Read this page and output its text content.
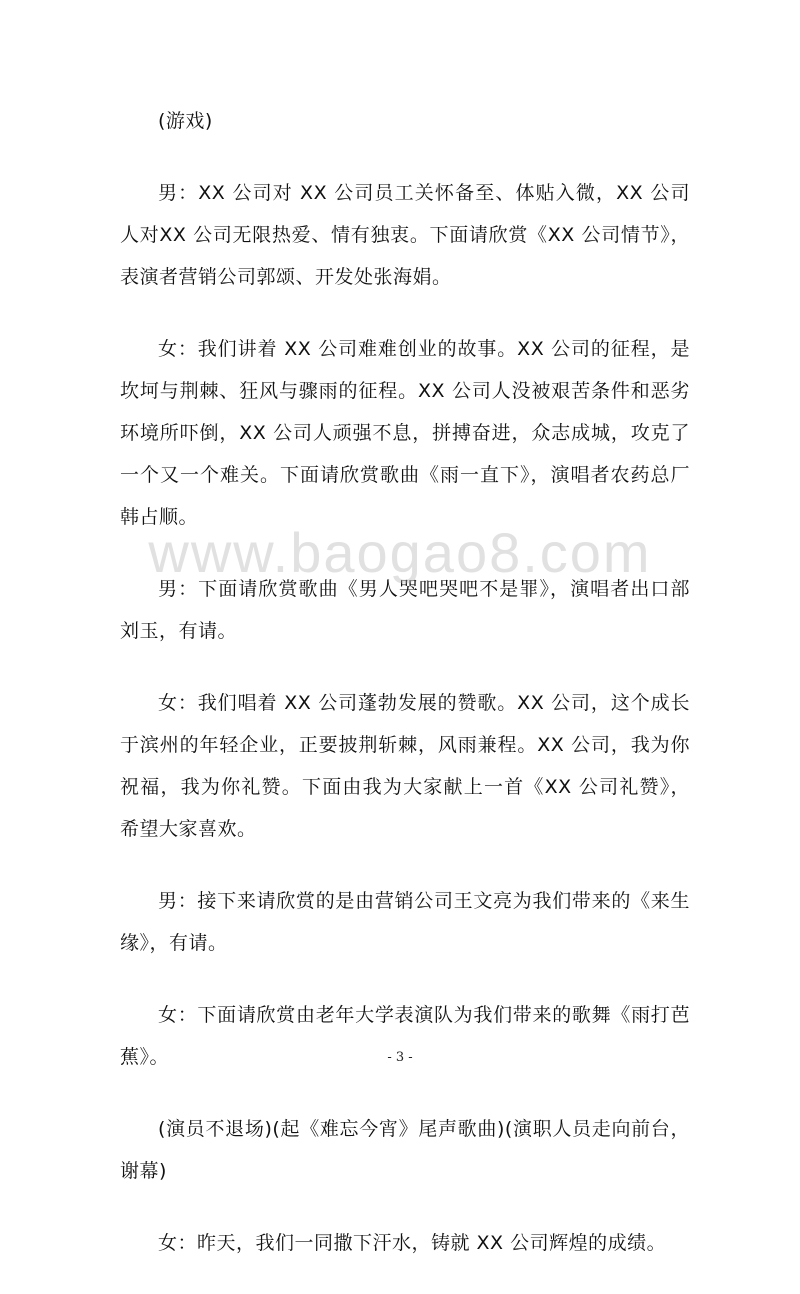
(游戏)

男：XX 公司对 XX 公司员工关怀备至、体贴入微，XX 公司人对XX 公司无限热爱、情有独衷。下面请欣赏《XX 公司情节》，表演者营销公司郭颂、开发处张海娟。

女：我们讲着 XX 公司难难创业的故事。XX 公司的征程，是坎坷与荆棘、狂风与骤雨的征程。XX 公司人没被艰苦条件和恶劣环境所吓倒，XX 公司人顽强不息，拼搏奋进，众志成城，攻克了一个又一个难关。下面请欣赏歌曲《雨一直下》，演唱者农药总厂韩占顺。

男：下面请欣赏歌曲《男人哭吧哭吧不是罪》，演唱者出口部刘玉，有请。

女：我们唱着 XX 公司蓬勃发展的赞歌。XX 公司，这个成长于滨州的年轻企业，正要披荆斩棘，风雨兼程。XX 公司，我为你祝福，我为你礼赞。下面由我为大家献上一首《XX 公司礼赞》，希望大家喜欢。

男：接下来请欣赏的是由营销公司王文亮为我们带来的《来生缘》，有请。

女：下面请欣赏由老年大学表演队为我们带来的歌舞《雨打芭蕉》。

(演员不退场)(起《难忘今宵》尾声歌曲)(演职人员走向前台，谢幕)

女：昨天，我们一同撒下汗水，铸就 XX 公司辉煌的成绩。

www.baogao8.com
- 3 -
